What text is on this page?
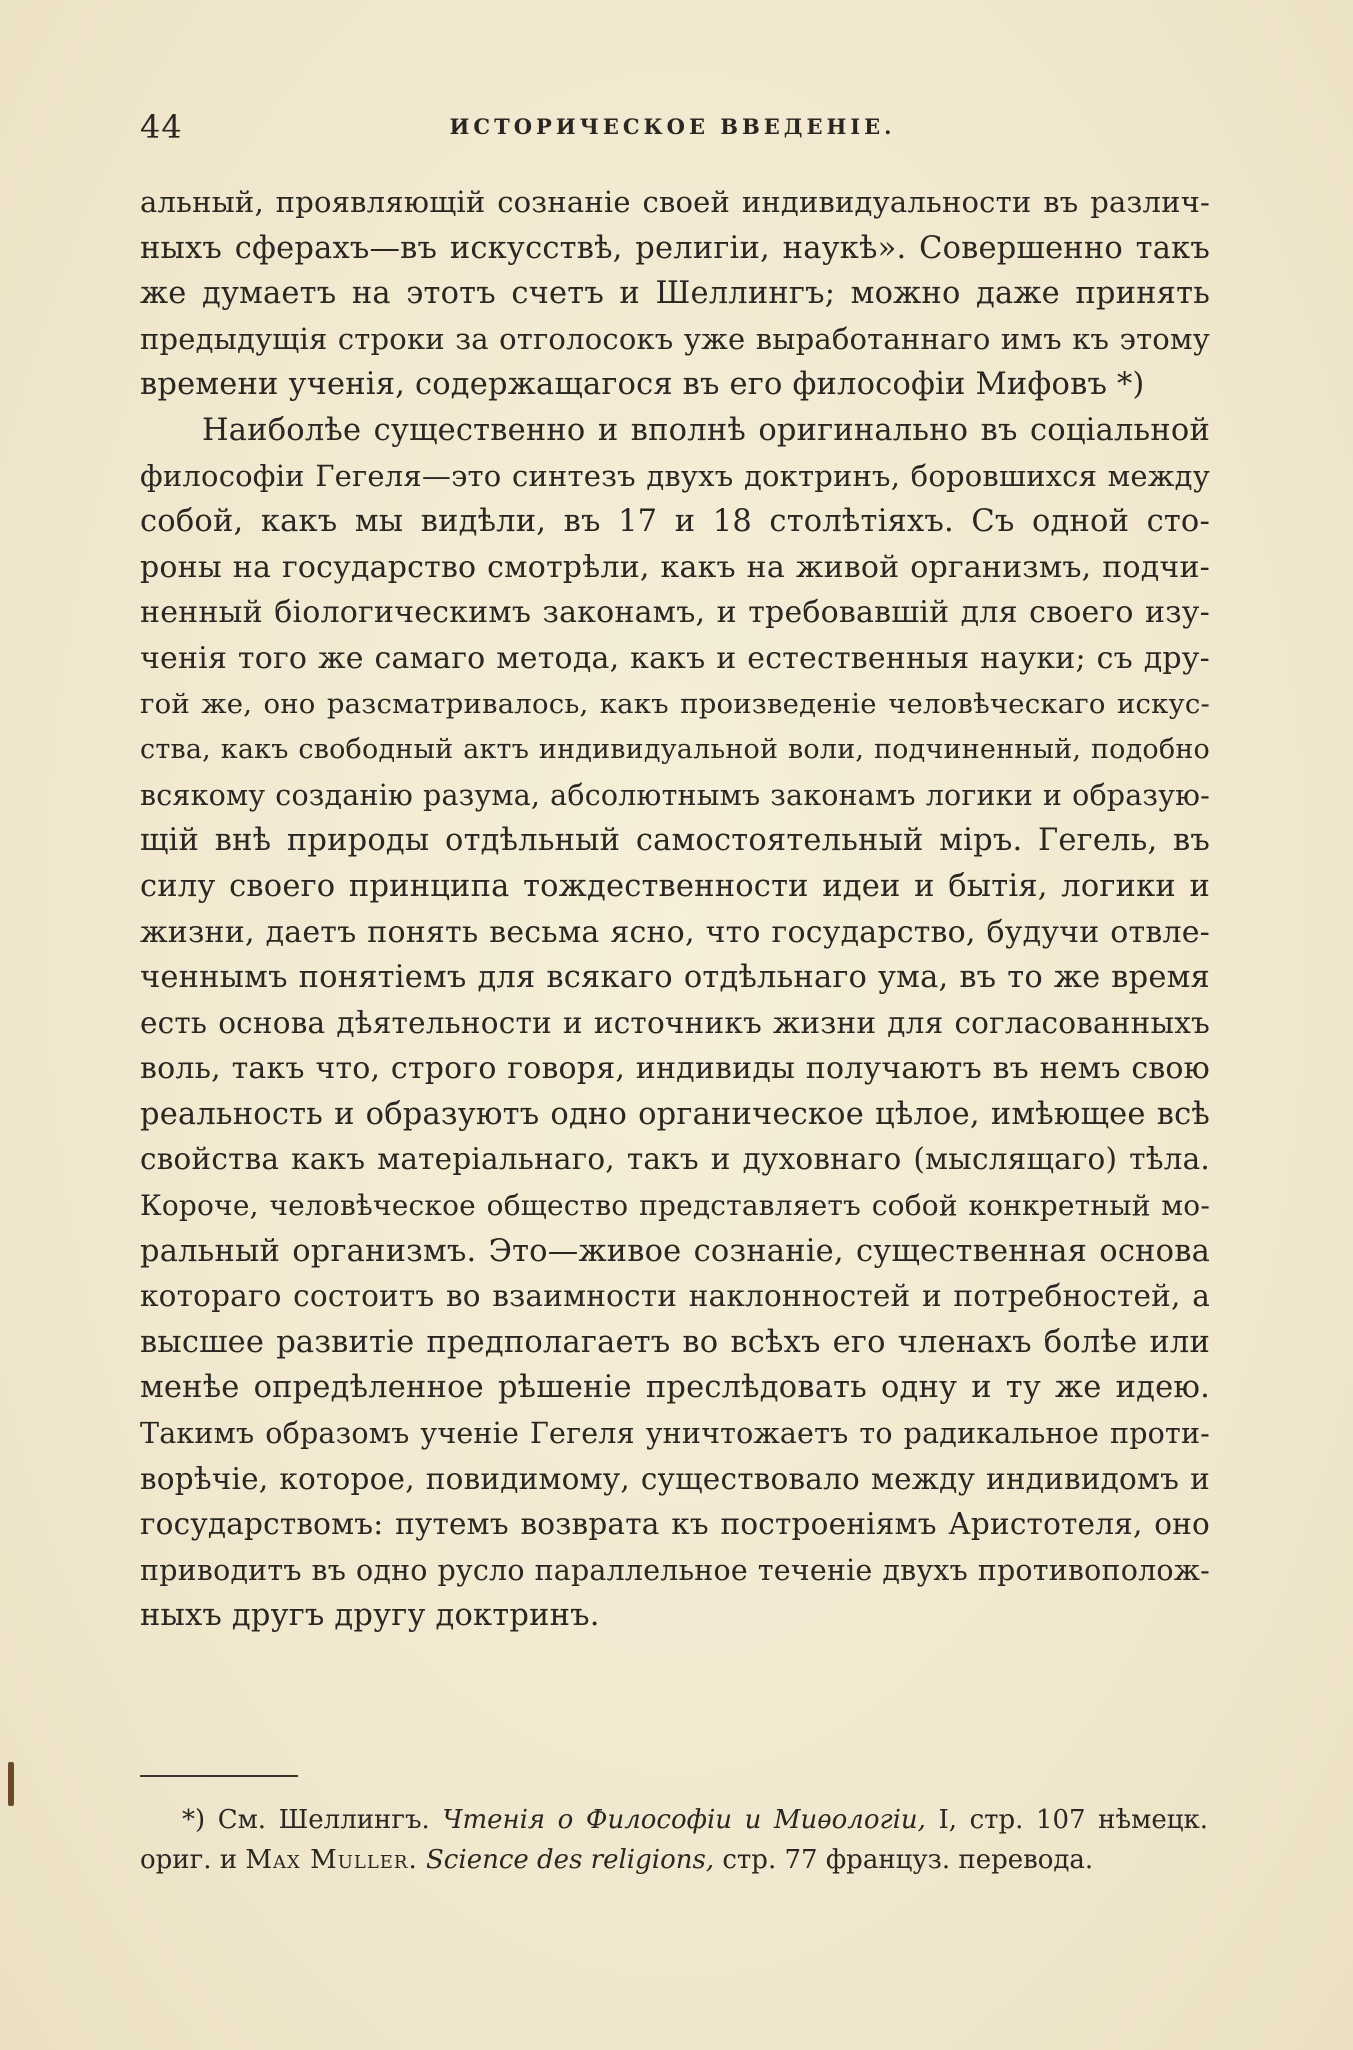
44	ИСТОРИЧЕСКОЕ ВВЕДЕНІЕ.
альный, проявляющій сознаніе своей индивидуальности въ различ-
ныхъ сферахъ—въ искусствѣ, религіи, наукѣ». Совершенно такъ
же думаетъ на этотъ счетъ и Шеллингъ; можно даже принять
предыдущія строки за отголосокъ уже выработаннаго имъ къ этому
времени ученія, содержащагося въ его философіи Мифовъ *)
Наиболѣе существенно и вполнѣ оригинально въ соціальной
философіи Гегеля—это синтезъ двухъ доктринъ, боровшихся между
собой, какъ мы видѣли, въ 17 и 18 столѣтіяхъ. Съ одной сто-
роны на государство смотрѣли, какъ на живой организмъ, подчи-
ненный біологическимъ законамъ, и требовавшій для своего изу-
ченія того же самаго метода, какъ и естественныя науки; съ дру-
гой же, оно разсматривалось, какъ произведеніе человѣческаго искус-
ства, какъ свободный актъ индивидуальной воли, подчиненный, подобно
всякому созданію разума, абсолютнымъ законамъ логики и образую-
щій внѣ природы отдѣльный самостоятельный міръ. Гегель, въ
силу своего принципа тождественности идеи и бытія, логики и
жизни, даетъ понять весьма ясно, что государство, будучи отвле-
ченнымъ понятіемъ для всякаго отдѣльнаго ума, въ то же время
есть основа дѣятельности и источникъ жизни для согласованныхъ
воль, такъ что, строго говоря, индивиды получаютъ въ немъ свою
реальность и образуютъ одно органическое цѣлое, имѣющее всѣ
свойства какъ матеріальнаго, такъ и духовнаго (мыслящаго) тѣла.
Короче, человѣческое общество представляетъ собой конкретный мо-
ральный организмъ. Это—живое сознаніе, существенная основа
котораго состоитъ во взаимности наклонностей и потребностей, а
высшее развитіе предполагаетъ во всѣхъ его членахъ болѣе или
менѣе опредѣленное рѣшеніе преслѣдовать одну и ту же идею.
Такимъ образомъ ученіе Гегеля уничтожаетъ то радикальное проти-
ворѣчіе, которое, повидимому, существовало между индивидомъ и
государствомъ: путемъ возврата къ построеніямъ Аристотеля, оно
приводитъ въ одно русло параллельное теченіе двухъ противополож-
ныхъ другъ другу доктринъ.
*) См. Шеллингъ. Чтенія о Философіи и Миѳологіи, I, стр. 107 нѣмецк.
ориг. и Max Muller. Science des religions, стр. 77 француз. перевода.
